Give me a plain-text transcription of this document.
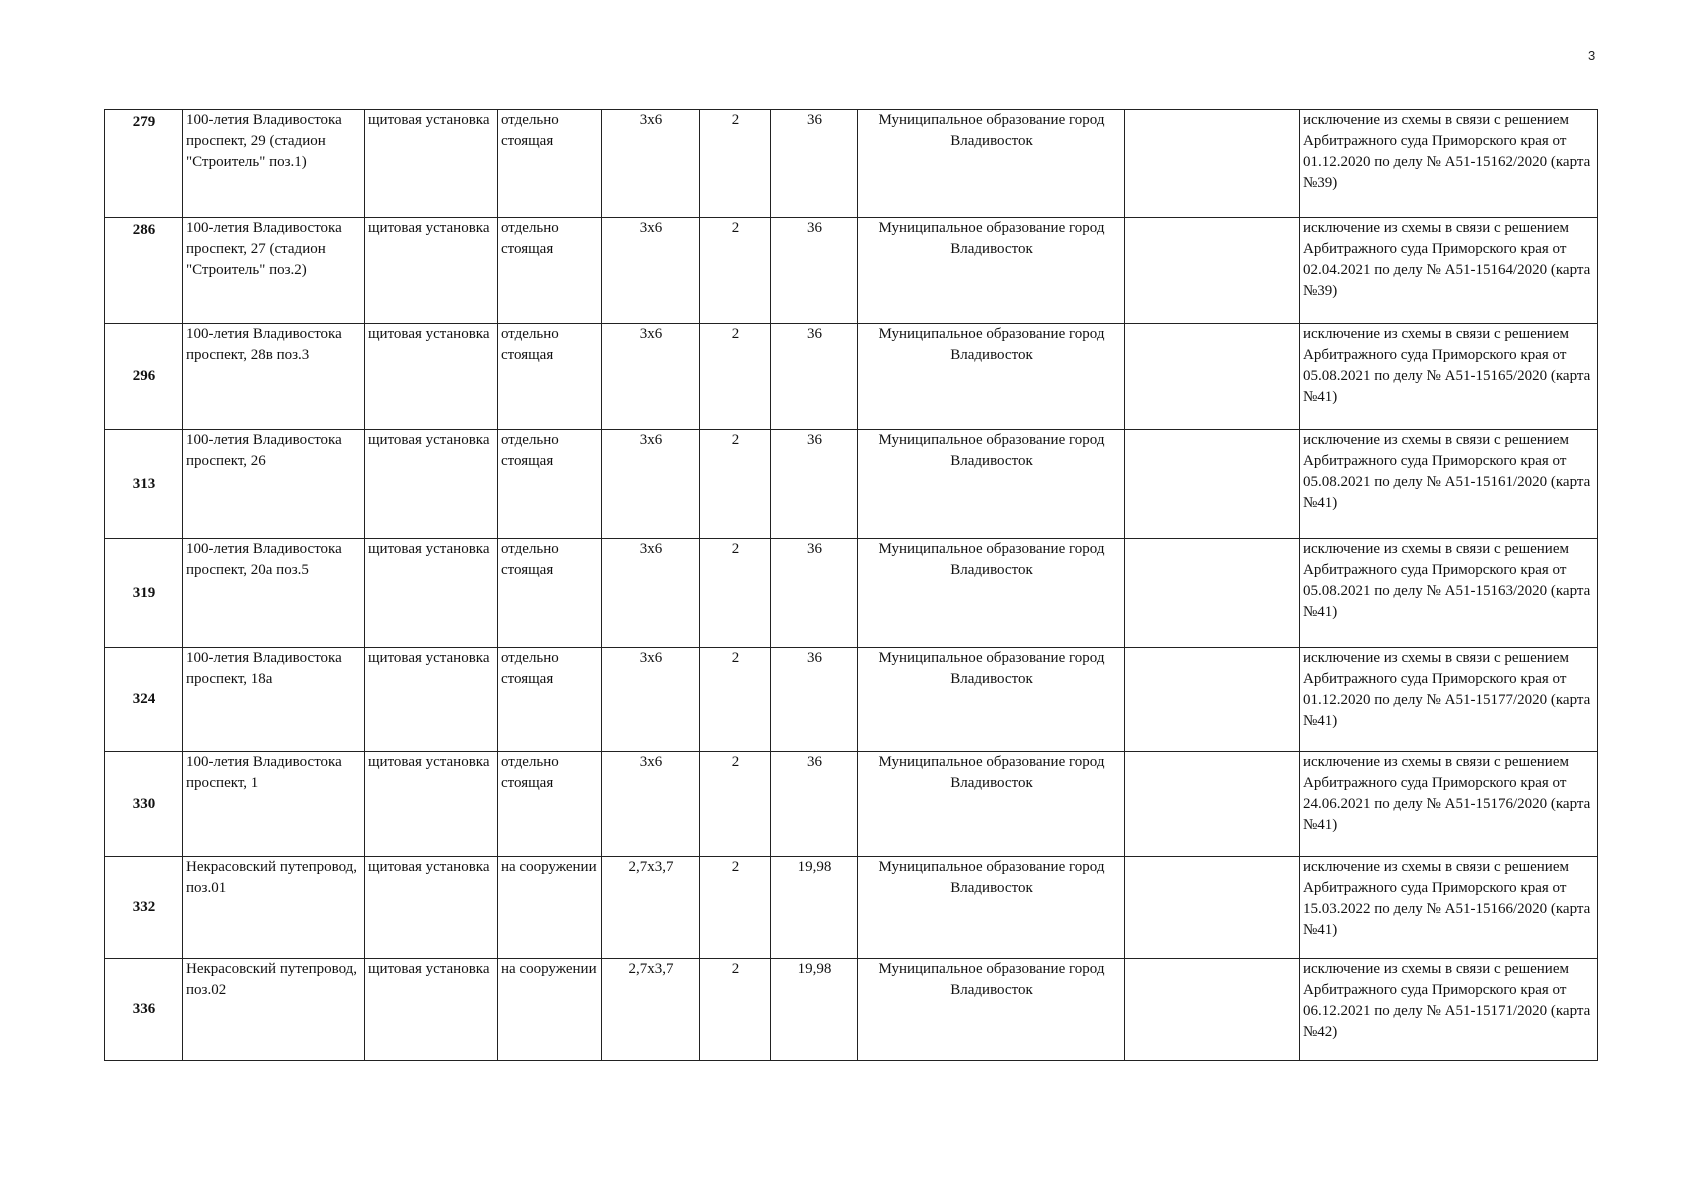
3
279	100-летия Владивостока проспект, 29 (стадион "Строитель" поз.1)	щитовая установка	отдельно стоящая	3х6	2	36	Муниципальное образование город Владивосток		исключение из схемы в связи с решением Арбитражного суда Приморского края от 01.12.2020 по делу № А51-15162/2020 (карта №39)
286	100-летия Владивостока проспект, 27 (стадион "Строитель" поз.2)	щитовая установка	отдельно стоящая	3х6	2	36	Муниципальное образование город Владивосток		исключение из схемы в связи с решением Арбитражного суда Приморского края от 02.04.2021 по делу № А51-15164/2020 (карта №39)
296	100-летия Владивостока проспект, 28в поз.3	щитовая установка	отдельно стоящая	3х6	2	36	Муниципальное образование город Владивосток		исключение из схемы в связи с решением Арбитражного суда Приморского края от 05.08.2021 по делу № А51-15165/2020 (карта №41)
313	100-летия Владивостока проспект, 26	щитовая установка	отдельно стоящая	3х6	2	36	Муниципальное образование город Владивосток		исключение из схемы в связи с решением Арбитражного суда Приморского края от 05.08.2021 по делу № А51-15161/2020 (карта №41)
319	100-летия Владивостока проспект, 20а поз.5	щитовая установка	отдельно стоящая	3х6	2	36	Муниципальное образование город Владивосток		исключение из схемы в связи с решением Арбитражного суда Приморского края от 05.08.2021 по делу № А51-15163/2020 (карта №41)
324	100-летия Владивостока проспект, 18а	щитовая установка	отдельно стоящая	3х6	2	36	Муниципальное образование город Владивосток		исключение из схемы в связи с решением Арбитражного суда Приморского края от 01.12.2020 по делу № А51-15177/2020 (карта №41)
330	100-летия Владивостока проспект, 1	щитовая установка	отдельно стоящая	3х6	2	36	Муниципальное образование город Владивосток		исключение из схемы в связи с решением Арбитражного суда Приморского края от 24.06.2021 по делу № А51-15176/2020 (карта №41)
332	Некрасовский путепровод, поз.01	щитовая установка	на сооружении	2,7х3,7	2	19,98	Муниципальное образование город Владивосток		исключение из схемы в связи с решением Арбитражного суда Приморского края от 15.03.2022 по делу № А51-15166/2020 (карта №41)
336	Некрасовский путепровод, поз.02	щитовая установка	на сооружении	2,7х3,7	2	19,98	Муниципальное образование город Владивосток		исключение из схемы в связи с решением Арбитражного суда Приморского края от 06.12.2021 по делу № А51-15171/2020 (карта №42)
